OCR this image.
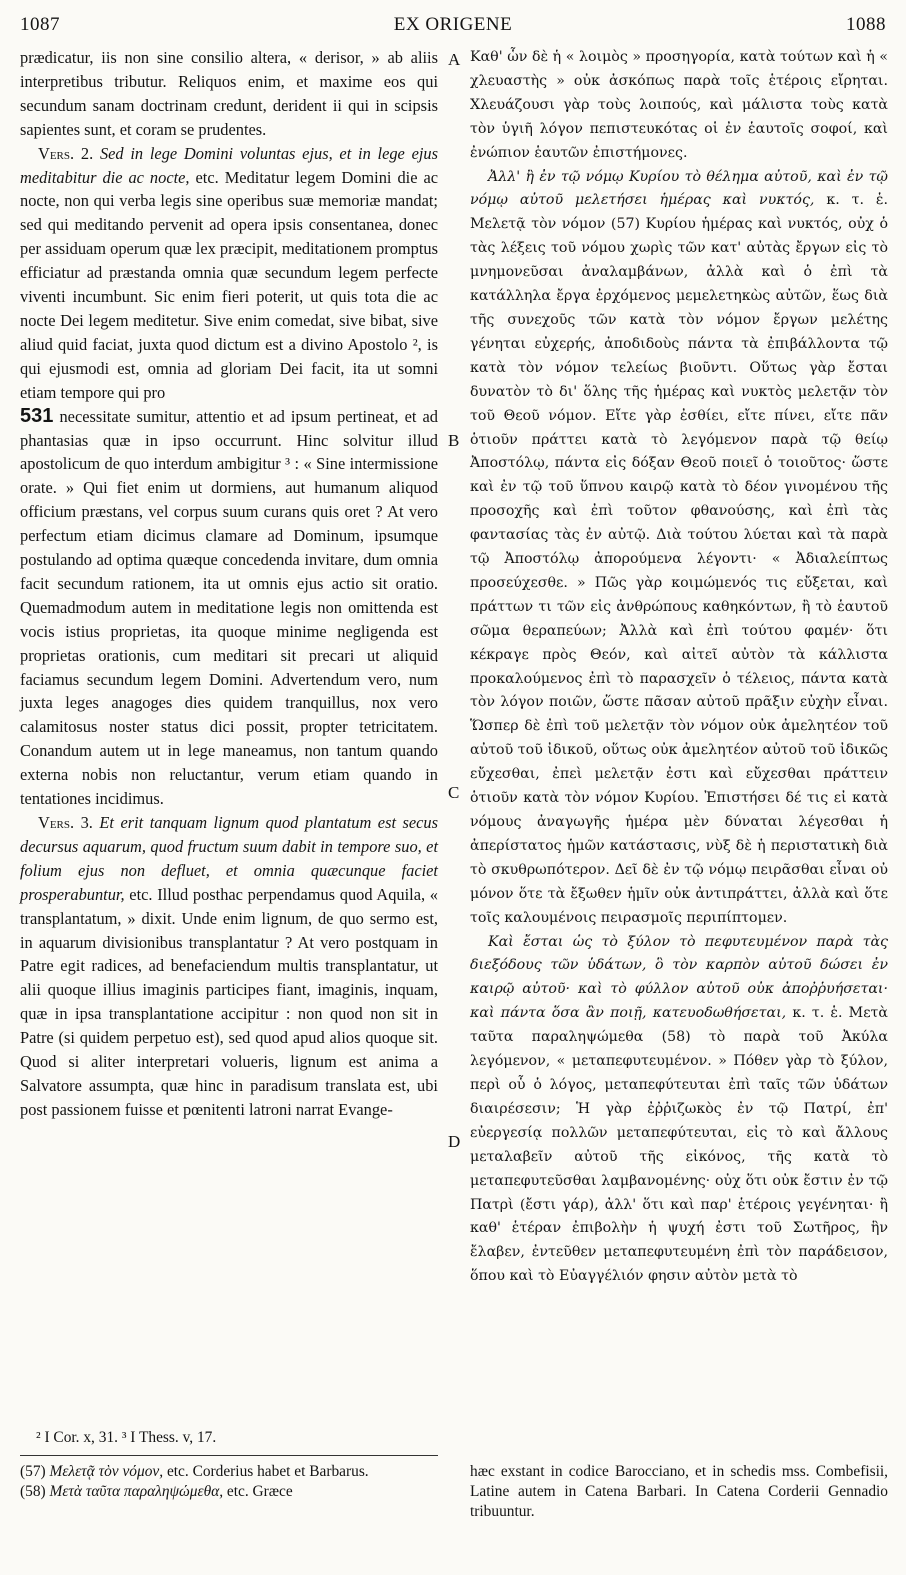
1087	EX ORIGENE	1088

prædicatur, iis non sine consilio altera, « derisor, » ab aliis interpretibus tributur. Reliquos enim, et maxime eos qui secundum sanam doctrinam credunt, derident ii qui in scipsis sapientes sunt, et coram se prudentes.

Vers. 2. Sed in lege Domini voluntas ejus, et in lege ejus meditabitur die ac nocte, etc. Meditatur legem Domini die ac nocte, non qui verba legis sine operibus suæ memoriæ mandat; sed qui meditando pervenit ad opera ipsis consentanea, donec per assiduam operum quæ lex præcipit, meditationem promptus efficiatur ad præstanda omnia quæ secundum legem perfecte viventi incumbunt. Sic enim fieri poterit, ut quis tota die ac nocte Dei legem meditetur. Sive enim comedat, sive bibat, sive aliud quid faciat, juxta quod dictum est a divino Apostolo ², is qui ejusmodi est, omnia ad gloriam Dei facit, ita ut somni etiam tempore qui pro
531 necessitate sumitur, attentio et ad ipsum pertineat, et ad phantasias quæ in ipso occurrunt. Hinc solvitur illud apostolicum de quo interdum ambigitur ³ : « Sine intermissione orate. » Qui fiet enim ut dormiens, aut humanum aliquod officium præstans, vel corpus suum curans quis oret ? At vero perfectum etiam dicimus clamare ad Dominum, ipsumque postulando ad optima quæque concedenda invitare, dum omnia facit secundum rationem, ita ut omnis ejus actio sit oratio. Quemadmodum autem in meditatione legis non omittenda est vocis istius proprietas, ita quoque minime negligenda est proprietas orationis, cum meditari sit precari ut aliquid faciamus secundum legem Domini. Advertendum vero, num juxta leges anagoges dies quidem tranquillus, nox vero calamitosus noster status dici possit, propter tetricitatem. Conandum autem ut in lege maneamus, non tantum quando externa nobis non reluctantur, verum etiam quando in tentationes incidimus.

Vers. 3. Et erit tanquam lignum quod plantatum est secus decursus aquarum, quod fructum suum dabit in tempore suo, et folium ejus non defluet, et omnia quæcunque faciet prosperabuntur, etc. Illud posthac perpendamus quod Aquila, « transplantatum, » dixit. Unde enim lignum, de quo sermo est, in aquarum divisionibus transplantatur ? At vero postquam in Patre egit radices, ad benefaciendum multis transplantatur, ut alii quoque illius imaginis participes fiant, imaginis, inquam, quæ in ipsa transplantatione accipitur : non quod non sit in Patre (si quidem perpetuo est), sed quod apud alios quoque sit. Quod si aliter interpretari volueris, lignum est anima a Salvatore assumpta, quæ hinc in paradisum translata est, ubi post passionem fuisse et pœnitenti latroni narrat Evange-

A
B
C
D

Καθ' ὧν δὲ ἡ « λοιμὸς » προσηγορία, κατὰ τούτων καὶ ἡ « χλευαστὴς » οὐκ ἀσκόπως παρὰ τοῖς ἑτέροις εἴρηται. Χλευάζουσι γὰρ τοὺς λοιπούς, καὶ μάλιστα τοὺς κατὰ τὸν ὑγιῆ λόγον πεπιστευκότας οἱ ἐν ἑαυτοῖς σοφοί, καὶ ἐνώπιον ἑαυτῶν ἐπιστήμονες.

Ἀλλ' ἢ ἐν τῷ νόμῳ Κυρίου τὸ θέλημα αὐτοῦ, καὶ ἐν τῷ νόμῳ αὐτοῦ μελετήσει ἡμέρας καὶ νυκτός, κ. τ. ἑ. Μελετᾷ τὸν νόμον (57) Κυρίου ἡμέρας καὶ νυκτός, οὐχ ὁ τὰς λέξεις τοῦ νόμου χωρὶς τῶν κατ' αὐτὰς ἔργων εἰς τὸ μνημονεῦσαι ἀναλαμβάνων, ἀλλὰ καὶ ὁ ἐπὶ τὰ κατάλληλα ἔργα ἐρχόμενος μεμελετηκὼς αὐτῶν, ἕως διὰ τῆς συνεχοῦς τῶν κατὰ τὸν νόμον ἔργων μελέτης γένηται εὐχερής, ἀποδιδοὺς πάντα τὰ ἐπιβάλλοντα τῷ κατὰ τὸν νόμον τελείως βιοῦντι. Οὕτως γὰρ ἔσται δυνατὸν τὸ δι' ὅλης τῆς ἡμέρας καὶ νυκτὸς μελετᾷν τὸν τοῦ Θεοῦ νόμον. Εἴτε γὰρ ἐσθίει, εἴτε πίνει, εἴτε πᾶν ὁτιοῦν πράττει κατὰ τὸ λεγόμενον παρὰ τῷ θείῳ Ἀποστόλῳ, πάντα εἰς δόξαν Θεοῦ ποιεῖ ὁ τοιοῦτος· ὥστε καὶ ἐν τῷ τοῦ ὕπνου καιρῷ κατὰ τὸ δέον γινομένου τῆς προσοχῆς καὶ ἐπὶ τοῦτον φθανούσης, καὶ ἐπὶ τὰς φαντασίας τὰς ἐν αὐτῷ. Διὰ τούτου λύεται καὶ τὰ παρὰ τῷ Ἀποστόλῳ ἀπορούμενα λέγοντι· « Ἀδιαλείπτως προσεύχεσθε. » Πῶς γὰρ κοιμώμενός τις εὔξεται, καὶ πράττων τι τῶν εἰς ἀνθρώπους καθηκόντων, ἢ τὸ ἑαυτοῦ σῶμα θεραπεύων; Ἀλλὰ καὶ ἐπὶ τούτου φαμέν· ὅτι κέκραγε πρὸς Θεόν, καὶ αἰτεῖ αὐτὸν τὰ κάλλιστα προκαλούμενος ἐπὶ τὸ παρασχεῖν ὁ τέλειος, πάντα κατὰ τὸν λόγον ποιῶν, ὥστε πᾶσαν αὐτοῦ πρᾶξιν εὐχὴν εἶναι. Ὥσπερ δὲ ἐπὶ τοῦ μελετᾷν τὸν νόμον οὐκ ἀμελητέον τοῦ αὐτοῦ τοῦ ἰδικοῦ, οὕτως οὐκ ἀμελητέον αὐτοῦ τοῦ ἰδικῶς εὔχεσθαι, ἐπεὶ μελετᾷν ἐστι καὶ εὔχεσθαι πράττειν ὁτιοῦν κατὰ τὸν νόμον Κυρίου. Ἐπιστήσει δέ τις εἰ κατὰ νόμους ἀναγωγῆς ἡμέρα μὲν δύναται λέγεσθαι ἡ ἀπερίστατος ἡμῶν κατάστασις, νὺξ δὲ ἡ περιστατικὴ διὰ τὸ σκυθρωπότερον. Δεῖ δὲ ἐν τῷ νόμῳ πειρᾶσθαι εἶναι οὐ μόνον ὅτε τὰ ἔξωθεν ἡμῖν οὐκ ἀντιπράττει, ἀλλὰ καὶ ὅτε τοῖς καλουμένοις πειρασμοῖς περιπίπτομεν.

Καὶ ἔσται ὡς τὸ ξύλον τὸ πεφυτευμένον παρὰ τὰς διεξόδους τῶν ὑδάτων, ὃ τὸν καρπὸν αὐτοῦ δώσει ἐν καιρῷ αὐτοῦ· καὶ τὸ φύλλον αὐτοῦ οὐκ ἀποῤῥυήσεται· καὶ πάντα ὅσα ἂν ποιῇ, κατευοδωθήσεται, κ. τ. ἑ. Μετὰ ταῦτα παραληψώμεθα (58) τὸ παρὰ τοῦ Ἀκύλα λεγόμενον, « μεταπεφυτευμένον. » Πόθεν γὰρ τὸ ξύλον, περὶ οὗ ὁ λόγος, μεταπεφύτευται ἐπὶ ταῖς τῶν ὑδάτων διαιρέσεσιν; Ἡ γὰρ ἐῤῥιζωκὸς ἐν τῷ Πατρί, ἐπ' εὐεργεσίᾳ πολλῶν μεταπεφύτευται, εἰς τὸ καὶ ἄλλους μεταλαβεῖν αὐτοῦ τῆς εἰκόνος, τῆς κατὰ τὸ μεταπεφυτεῦσθαι λαμβανομένης· οὐχ ὅτι οὐκ ἔστιν ἐν τῷ Πατρὶ (ἔστι γάρ), ἀλλ' ὅτι καὶ παρ' ἑτέροις γεγένηται· ἢ καθ' ἑτέραν ἐπιβολὴν ἡ ψυχή ἐστι τοῦ Σωτῆρος, ἣν ἔλαβεν, ἐντεῦθεν μεταπεφυτευμένη ἐπὶ τὸν παράδεισον, ὅπου καὶ τὸ Εὐαγγέλιόν φησιν αὐτὸν μετὰ τὸ

² I Cor. x, 31. ³ I Thess. v, 17.
(57) Μελετᾷ τὸν νόμον, etc. Corderius habet et Barbarus.
(58) Μετὰ ταῦτα παραληψώμεθα, etc. Græce
hæc exstant in codice Barocciano, et in schedis mss. Combefisii, Latine autem in Catena Barbari. In Catena Corderii Gennadio tribuuntur.
